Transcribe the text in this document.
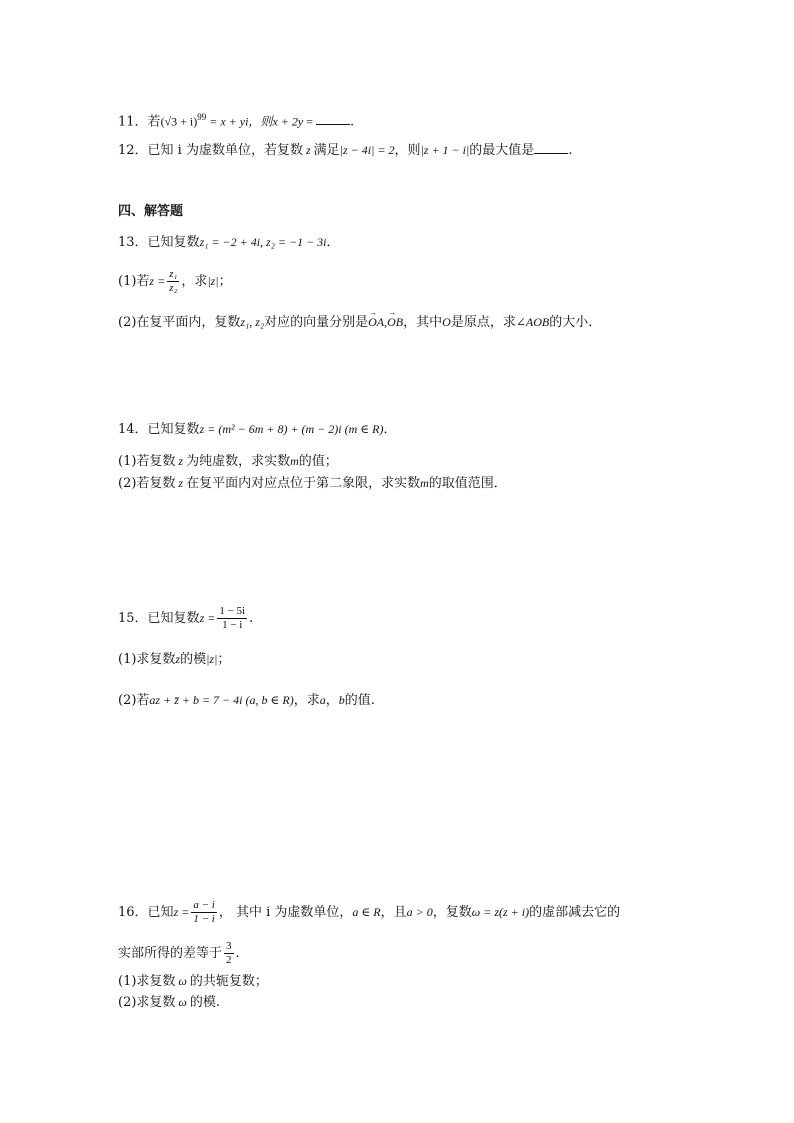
11．若$(√3 + i)^{99} = x$ + yi，则x + 2y =	.
12．已知 i 为虚数单位，若复数 z 满足|z − 4i| = 2，则|z + 1 − i|的最大值是	.
四、解答题
13．已知复数z₁ = −2 + 4i, z₂ = −1 − 3i．
(1)若$z = \frac{\text{z₁}}{\text{z₂}}$ ，求|z|；
(2)在复平面内，复数z₁, z₂对应的向量分别是→ OA,→ OB，其中O是原点，求∠AOB的大小．
14．已知复数z = (m² − 6m + 8) + (m − 2)i (m ∈ R)．
(1)若复数 z 为纯虚数，求实数m的值；
(2)若复数 z 在复平面内对应点位于第二象限，求实数m的取值范围．
15．已知复数$z = \frac{1 - 5i}{1 - i}$ .
(1)求复数z的模|z|；
(2)若az + z̄ + b = 7 − 4i (a, b ∈ R)，求a，b的值.
16．已知$z = \frac{a - i}{1 - i}$ ， 其中 i 为虚数单位，a ∈ R，且a > 0，复数ω = z(z + i)的虚部减去它的
实部所得的差等于 $\frac{3}{2}$ .
(1)求复数 ω 的共轭复数；
(2)求复数 ω 的模.
